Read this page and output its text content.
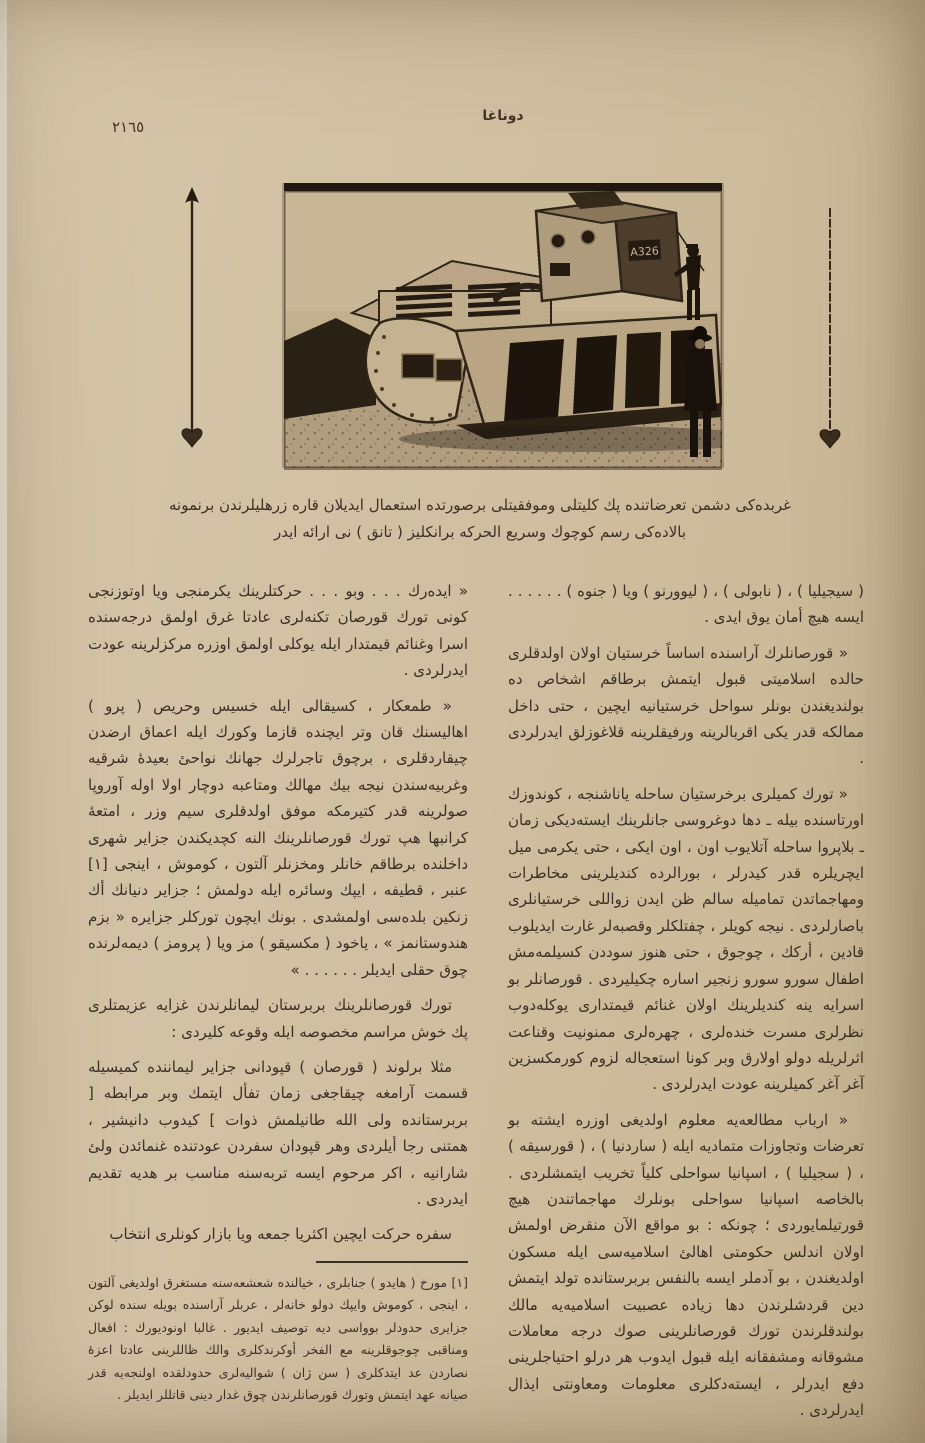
٢١٦٥
دوناغا
A326
غربده‌كى دشمن تعرضاتنده پك كليتلى وموفقيتلى برصورتده استعمال ايديلان قاره زرهليلرندن برنمونه
بالاده‌كى رسم كوچوك وسريع الحركه برانكليز ( تانق ) نى ارائه ايدر

( سيجيليا ) ، ( نابولى ) ، ( ليوورنو ) ويا ( جنوه ) . . . . . . ايسه هيچ أمان يوق ايدى .

« قورصانلرك آراسنده اساساً خرستيان اولان اولدقلرى حالده اسلاميتى قبول ايتمش برطاقم اشخاص ده بولنديغندن بونلر سواحل خرستيانيه ايچين ، حتى داخل ممالكه قدر يكى اقربالرينه ورفيقلرينه قلاغوزلق ايدرلردى .

« تورك كميلرى برخرستيان ساحله ياناشنجه ، كوندوزك اورتاسنده بيله ـ دها دوغروسى جانلرينك ايسته‌ديكى زمان ـ بلاپروا ساحله آتلايوب اون ، اون ايكى ، حتى يكرمى ميل ايچريلره قدر كيدرلر ، بورالرده كنديلرينى مخاطرات ومهاجماتدن تماميله سالم ظن ايدن زواللى خرستيانلرى باصارلردى . نيجه كويلر ، چفتلكلر وقصبه‌لر غارت ايديلوب قادين ، أركك ، چوجوق ، حتى هنوز سوددن كسيلمه‌مش اطفال سورو سورو زنجير اساره چكيليردى . قورصانلر بو اسرايه ينه كنديلرينك اولان غنائم قيمتدارى يوكله‌دوب نظرلرى مسرت خنده‌لرى ، چهره‌لرى ممنونيت وقناعت اثرلريله دولو اولارق وبر كونا استعجاله لزوم كورمكسزين آغر آغر كميلرينه عودت ايدرلردى .

« ارباب مطالعه‌يه معلوم اولديغى اوزره ايشته بو تعرضات وتجاوزات متماديه ايله ( ساردنيا ) ، ( قورسيقه ) ، ( سجيليا ) ، اسپانيا سواحلى كلياً تخريب ايتمشلردى . بالخاصه اسپانيا سواحلى بونلرك مهاجماتندن هيچ قورتيلمايوردى ؛ چونكه : بو مواقع الآن منقرض اولمش اولان اندلس حكومتى اهالئ اسلاميه‌سى ايله مسكون اولديغندن ، بو آدملر ايسه بالنفس بربرستانده تولد ايتمش دين قردشلرندن دها زياده عصبيت اسلاميه‌يه مالك بولندقلرندن تورك قورصانلرينى صوك درجه معاملات مشوقانه ومشفقانه ايله قبول ايدوب هر درلو احتياجلرينى دفع ايدرلر ، ايسته‌دكلرى معلومات ومعاونتى ايذال ايدرلردى .

« ايده‌رك . . . وبو . . . حركتلرينك يكرمنجى ويا اوتوزنجى كونى تورك قورصان تكنه‌لرى عادتا غرق اولمق درجه‌سنده اسرا وغنائم قيمتدار ايله يوكلى اولمق اوزره مركزلرينه عودت ايدرلردى .

« طمعكار ، كسيقالى ايله خسيس وحريص ( پرو ) اهاليسنك قان وتر ايچنده قازما وكورك ايله اعماق ارضدن چيقاردقلرى ، برچوق تاجرلرك جهانك نواحئ بعيدهٔ شرقيه وغربيه‌سندن نيجه بيك مهالك ومتاعبه دوچار اولا اوله آوروپا صولرينه قدر كتيرمكه موفق اولدقلرى سيم وزر ، امتعهٔ كرانبها هپ تورك قورصانلرينك النه كچديكندن جزاير شهرى داخلنده برطاقم خانلر ومخزنلر آلتون ، كوموش ، اينجى [١] عنبر ، قطيفه ، ايپك وسائره ايله دولمش ؛ جزاير دنيانك أك زنكين بلده‌سى اولمشدى . بونك ايچون توركلر جزايره « بزم هندوستانمز » ، ياخود ( مكسيقو ) مز ويا ( پرومز ) ديمه‌لرنده چوق حقلى ايديلر . . . . . . »

تورك قورصانلرينك بربرستان ليمانلرندن غزايه عزيمتلرى پك خوش مراسم مخصوصه ايله وقوعه كليردى :

مثلا برلوند ( قورصان ) قپودانى جزاير ليماننده كميسيله قسمت آرامغه چيقاجغى زمان تفأل ايتمك وبر مرابطه [ بربرستانده ولى الله طانيلمش ذوات ] كيدوب دانيشير ، همتنى رجا أيلردى وهر قپودان سفردن عودتنده غنمائدن ولئ شارانيه ، اكر مرحوم ايسه تربه‌سنه مناسب بر هديه تقديم ايدردى .

سفره حركت ايچين اكثريا جمعه ويا بازار كونلرى انتخاب

[١] مورخ ( هايدو ) جنابلرى ، خيالنده شعشعه‌سنه مستغرق اولديغى آلتون ، اينجى ، كوموش وايپك دولو خانه‌لر ، عربلر آراسنده بويله سنده لوكن جزايرى حدودلر بوواسى ديه توصيف ايديور . غالبا اونوديورك : افعال ومناقبى چوجوقلرينه مع الفخر أوكرندكلرى والك ظاللرينى عادتا اعزهٔ نصاردن عد ايتدكلرى ( سن ژان ) شواليه‌لرى حدودلقده اولنجه‌يه قدر صيانه عهد ايتمش وتورك قورصانلرندن چوق غدار دينى قاتللر ايديلر .
